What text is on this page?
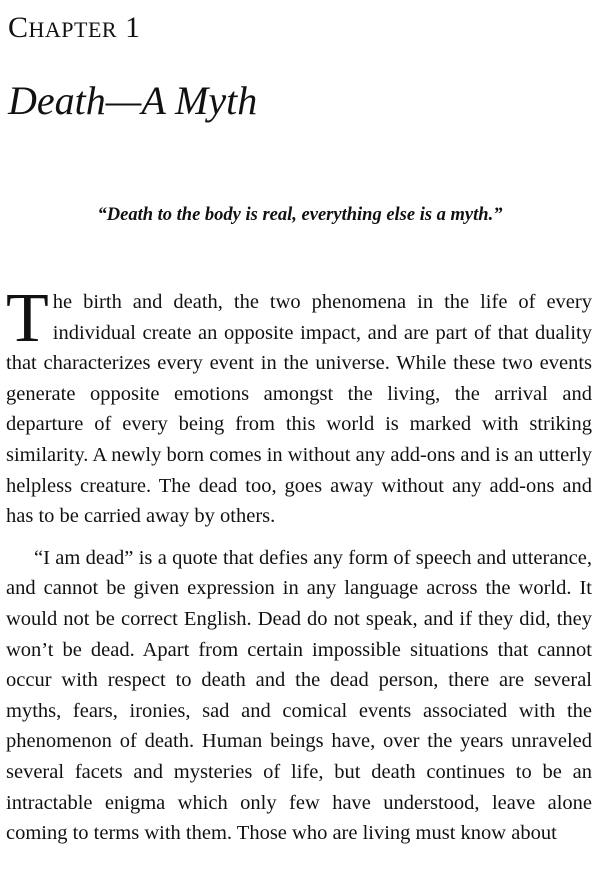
CHAPTER 1
Death—A Myth
“Death to the body is real, everything else is a myth.”

The birth and death, the two phenomena in the life of every individual create an opposite impact, and are part of that duality that characterizes every event in the universe. While these two events generate opposite emotions amongst the living, the arrival and departure of every being from this world is marked with striking similarity. A newly born comes in without any add-ons and is an utterly helpless creature. The dead too, goes away without any add-ons and has to be carried away by others.

“I am dead” is a quote that defies any form of speech and utterance, and cannot be given expression in any language across the world. It would not be correct English. Dead do not speak, and if they did, they won’t be dead. Apart from certain impossible situations that cannot occur with respect to death and the dead person, there are several myths, fears, ironies, sad and comical events associated with the phenomenon of death. Human beings have, over the years unraveled several facets and mysteries of life, but death continues to be an intractable enigma which only few have understood, leave alone coming to terms with them. Those who are living must know about
